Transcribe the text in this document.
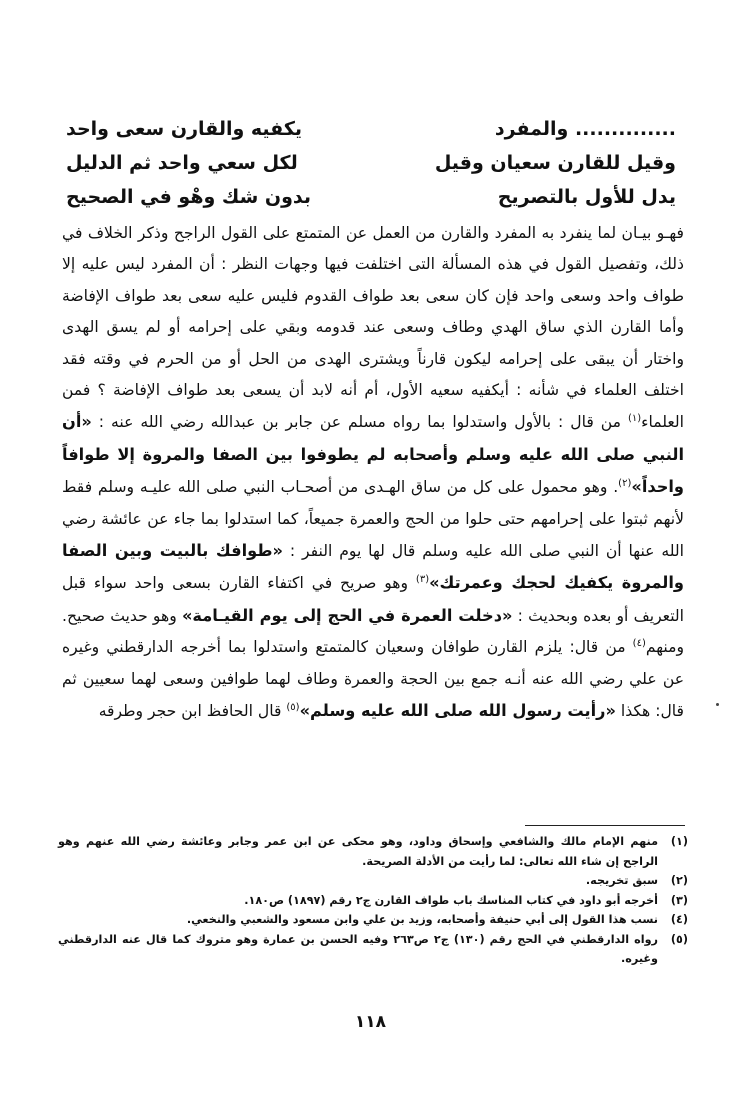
.............. والمفرد
يكفيه والقارن سعى واحد
وقيل للقارن سعيان وقيل
لكل سعي واحد ثم الدليل
يدل للأول بالتصريح
بدون شك وهْو في الصحيح

فهـو بيـان لما ينفرد به المفرد والقارن من العمل عن المتمتع على القول الراجح وذكر الخلاف في ذلك، وتفصيل القول في هذه المسألة التى اختلفت فيها وجهات النظر : أن المفرد ليس عليه إلا طواف واحد وسعى واحد فإن كان سعى بعد طواف القدوم فليس عليه سعى بعد طواف الإفاضة وأما القارن الذي ساق الهدي وطاف وسعى عند قدومه وبقي على إحرامه أو لم يسق الهدى واختار أن يبقى على إحرامه ليكون قارناً ويشترى الهدى من الحل أو من الحرم في وقته فقد اختلف العلماء في شأنه : أيكفيه سعيه الأول، أم أنه لابد أن يسعى بعد طواف الإفاضة ؟ فمن العلماء$^{(١)}$ من قال : بالأول واستدلوا بما رواه مسلم عن جابر بن عبدالله رضي الله عنه : «أن النبي صلى الله عليه وسلم وأصحابه لم يطوفوا بين الصفا والمروة إلا طوافاً واحداً»$^{(٢)}$. وهو محمول على كل من ساق الهـدى من أصحـاب النبي صلى الله عليـه وسلم فقط لأنهم ثبتوا على إحرامهم حتى حلوا من الحج والعمرة جميعاً، كما استدلوا بما جاء عن عائشة رضي الله عنها أن النبي صلى الله عليه وسلم قال لها يوم النفر : «طوافك بالبيت وبين الصفا والمروة يكفيك لحجك وعمرتك»$^{(٣)}$ وهو صريح في اكتفاء القارن بسعى واحد سواء قبل التعريف أو بعده وبحديث : «دخلت العمرة في الحج إلى يوم القيـامة» وهو حديث صحيح. ومنهم$^{(٤)}$ من قال: يلزم القارن طوافان وسعيان كالمتمتع واستدلوا بما أخرجه الدارقطني وغيره عن علي رضي الله عنه أنـه جمع بين الحجة والعمرة وطاف لهما طوافين وسعى لهما سعيين ثم قال: هكذا «رأيت رسول الله صلى الله عليه وسلم»$^{(٥)}$ قال الحافظ ابن حجر وطرقه

(١)
منهم الإمام مالك والشافعي وإسحاق وداود، وهو محكى عن ابن عمر وجابر وعائشة رضي الله عنهم وهو الراجح إن شاء الله تعالى: لما رأيت من الأدلة الصريحة.
(٢)
سبق تخريجه.
(٣)
أخرجه أبو داود في كتاب المناسك باب طواف القارن ج٢ رقم (١٨٩٧) ص١٨٠.
(٤)
نسب هذا القول إلى أبي حنيفة وأصحابه، وزيد بن علي وابن مسعود والشعبي والنخعي.
(٥)
رواه الدارقطني في الحج رقم (١٣٠) ج٢ ص٢٦٣ وفيه الحسن بن عمارة وهو متروك كما قال عنه الدارقطني وغيره.
١١٨
